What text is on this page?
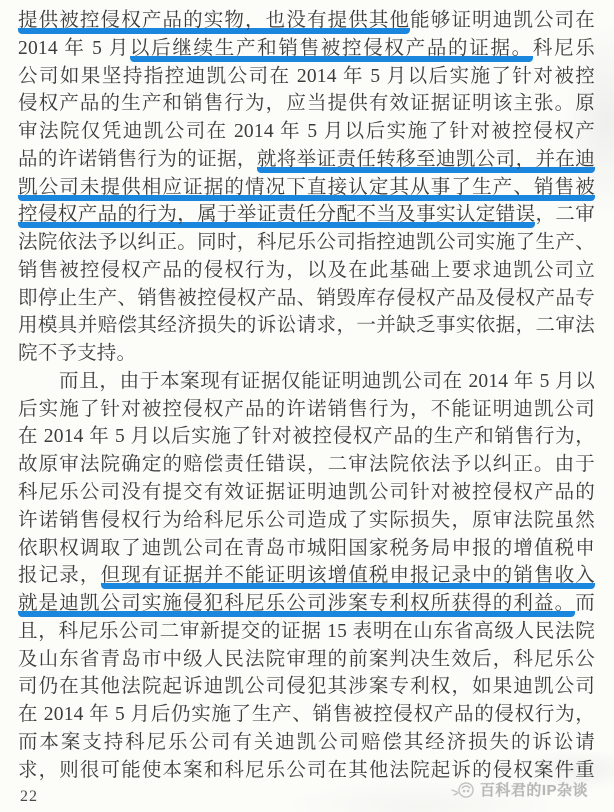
提供被控侵权产品的实物，也没有提供其他能够证明迪凯公司在
2014 年 5 月以后继续生产和销售被控侵权产品的证据。科尼乐
公司如果坚持指控迪凯公司在 2014 年 5 月以后实施了针对被控
侵权产品的生产和销售行为，应当提供有效证据证明该主张。原
审法院仅凭迪凯公司在 2014 年 5 月以后实施了针对被控侵权产
品的许诺销售行为的证据，就将举证责任转移至迪凯公司，并在迪
凯公司未提供相应证据的情况下直接认定其从事了生产、销售被
控侵权产品的行为，属于举证责任分配不当及事实认定错误，二审
法院依法予以纠正。同时，科尼乐公司指控迪凯公司实施了生产、
销售被控侵权产品的侵权行为，以及在此基础上要求迪凯公司立
即停止生产、销售被控侵权产品、销毁库存侵权产品及侵权产品专
用模具并赔偿其经济损失的诉讼请求，一并缺乏事实依据，二审法
院不予支持。
而且，由于本案现有证据仅能证明迪凯公司在 2014 年 5 月以
后实施了针对被控侵权产品的许诺销售行为，不能证明迪凯公司
在 2014 年 5 月以后实施了针对被控侵权产品的生产和销售行为，
故原审法院确定的赔偿责任错误，二审法院依法予以纠正。由于
科尼乐公司没有提交有效证据证明迪凯公司针对被控侵权产品的
许诺销售侵权行为给科尼乐公司造成了实际损失，原审法院虽然
依职权调取了迪凯公司在青岛市城阳国家税务局申报的增值税申
报记录，但现有证据并不能证明该增值税申报记录中的销售收入
就是迪凯公司实施侵犯科尼乐公司涉案专利权所获得的利益。而
且，科尼乐公司二审新提交的证据 15 表明在山东省高级人民法院
及山东省青岛市中级人民法院审理的前案判决生效后，科尼乐公
司仍在其他法院起诉迪凯公司侵犯其涉案专利权，如果迪凯公司
在 2014 年 5 月后仍实施了生产、销售被控侵权产品的侵权行为，
而本案支持科尼乐公司有关迪凯公司赔偿其经济损失的诉讼请
求，则很可能使本案和科尼乐公司在其他法院起诉的侵权案件重
22	百科君的IP杂谈
